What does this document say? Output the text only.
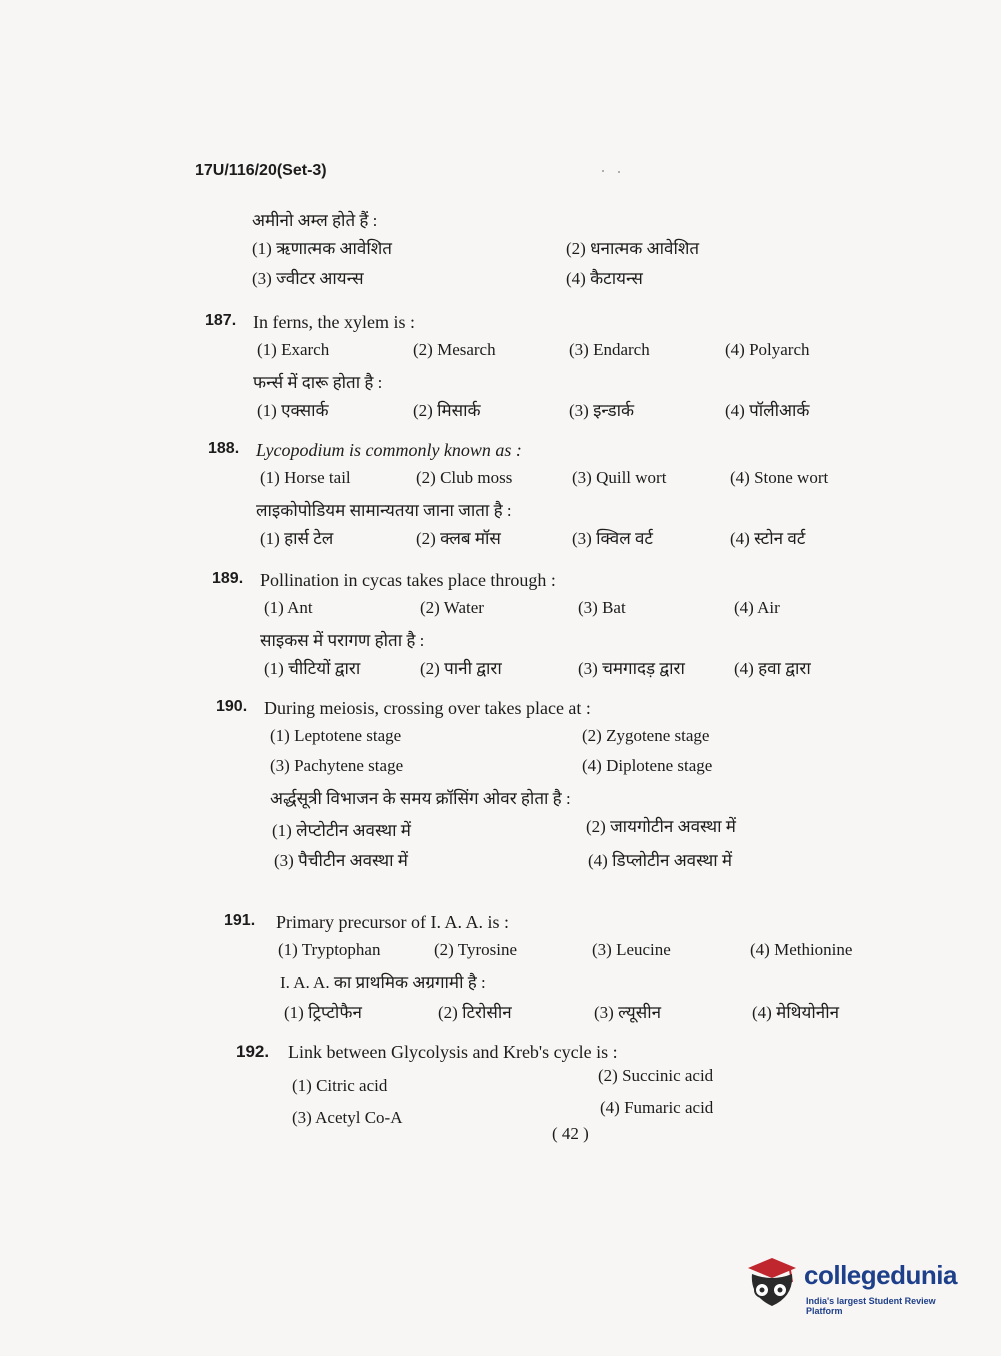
17U/116/20(Set-3)
अमीनो अम्ल होते हैं :
(1) ऋणात्मक आवेशित	(2) धनात्मक आवेशित
(3) ज्वीटर आयन्स	(4) कैटायन्स
187. In ferns, the xylem is :
(1) Exarch	(2) Mesarch	(3) Endarch	(4) Polyarch
फर्न्स में दारू होता है :
(1) एक्सार्क	(2) मिसार्क	(3) इन्डार्क	(4) पॉलीआर्क
188. Lycopodium is commonly known as :
(1) Horse tail	(2) Club moss	(3) Quill wort	(4) Stone wort
लाइकोपोडियम सामान्यतया जाना जाता है :
(1) हार्स टेल	(2) क्लब मॉस	(3) क्विल वर्ट	(4) स्टोन वर्ट
189. Pollination in cycas takes place through :
(1) Ant	(2) Water	(3) Bat	(4) Air
साइकस में परागण होता है :
(1) चीटियों द्वारा	(2) पानी द्वारा	(3) चमगादड़ द्वारा	(4) हवा द्वारा
190. During meiosis, crossing over takes place at :
(1) Leptotene stage	(2) Zygotene stage
(3) Pachytene stage	(4) Diplotene stage
अर्द्धसूत्री विभाजन के समय क्रॉसिंग ओवर होता है :
(1) लेप्टोटीन अवस्था में	(2) जायगोटीन अवस्था में
(3) पैचीटीन अवस्था में	(4) डिप्लोटीन अवस्था में
191. Primary precursor of I. A. A. is :
(1) Tryptophan	(2) Tyrosine	(3) Leucine	(4) Methionine
I. A. A. का प्राथमिक अग्रगामी है :
(1) ट्रिप्टोफैन	(2) टिरोसीन	(3) ल्यूसीन	(4) मेथियोनीन
192. Link between Glycolysis and Kreb's cycle is :
(1) Citric acid
(2) Succinic acid
(3) Acetyl Co-A
(4) Fumaric acid
( 42 )
collegedunia
India's largest Student Review Platform
